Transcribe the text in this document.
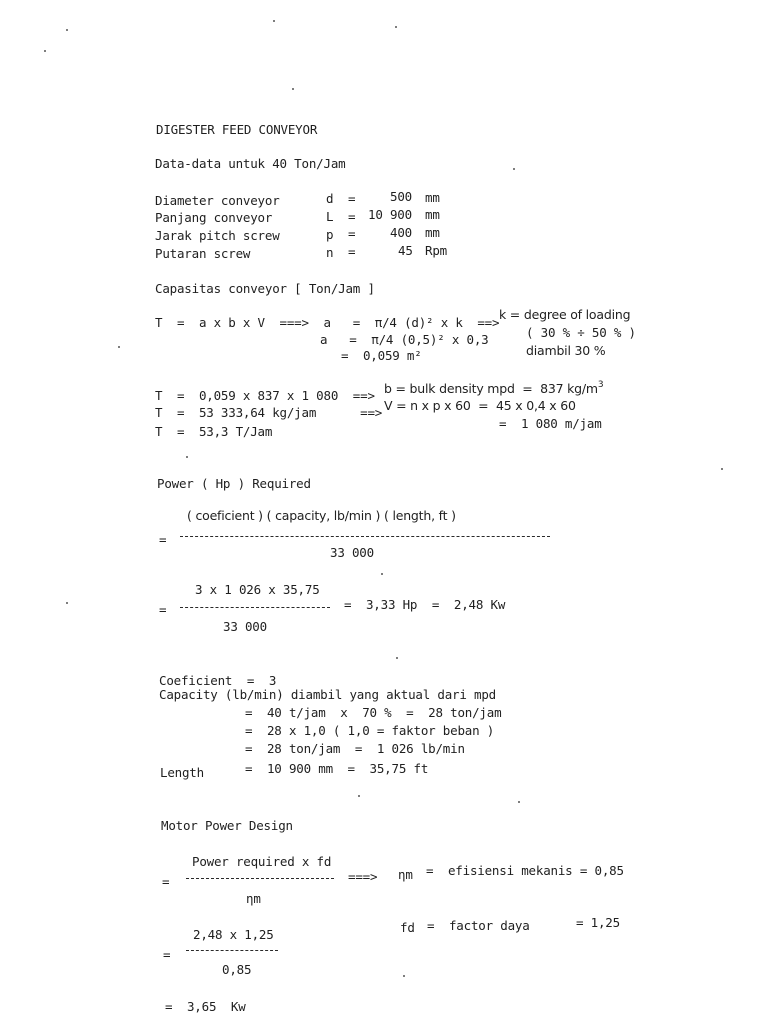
DIGESTER FEED CONVEYOR
Data-data untuk 40 Ton/Jam
Diameter conveyor	d =	500 mm
Panjang conveyor	L = 10 900 mm
Jarak pitch screw	p =	400 mm
Putaran screw	n =	45 Rpm
Capasitas conveyor [ Ton/Jam ]
T  =  a x b x V  ===>  a   =  π/4 (d)² x k  ==>
k = degree of loading
a   =  π/4 (0,5)² x 0,3	( 30 % ÷ 50 % )
=  0,059 m²	diambil 30 %
T  =  0,059 x 837 x 1 080  ==> b = bulk density mpd  =  837 $kg/m^3$
T  =  53 333,64 kg/jam      ==> V = n x p x 60  =  45 x 0,4 x 60
T  =  53,3 T/Jam
=  1 080 m/jam
Power ( Hp ) Required
( coeficient ) ( capacity, lb/min ) ( length, ft )
=
33 000
3 x 1 026 x 35,75
=	=  3,33 Hp  =  2,48 Kw
33 000
Coeficient  =  3
Capacity (lb/min) diambil yang aktual dari mpd
=  40 t/jam  x  70 %  =  28 ton/jam
=  28 x 1,0 ( 1,0 = faktor beban )
=  28 ton/jam  =  1 026 lb/min
Length	=  10 900 mm  =  35,75 ft
Motor Power Design
Power required x fd
=	===> ηm =  efisiensi mekanis = 0,85
ηm
2,48 x 1,25	fd =  factor daya	= 1,25
=
0,85
=  3,65  Kw
